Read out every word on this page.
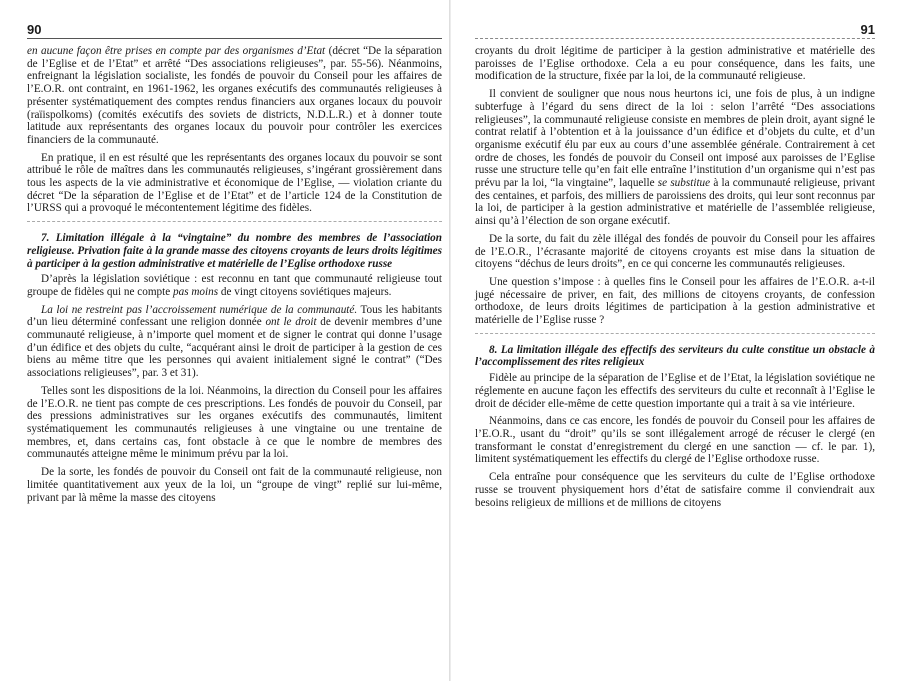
90

en aucune façon être prises en compte par des organismes d’Etat (décret “De la séparation de l’Eglise et de l’Etat” et arrêté “Des associations religieuses”, par. 55-56). Néanmoins, enfreignant la législation socialiste, les fondés de pouvoir du Conseil pour les affaires de l’E.O.R. ont contraint, en 1961-1962, les organes exécutifs des communautés religieuses à présenter systématiquement des comptes rendus financiers aux organes locaux du pouvoir (raïispolkoms) (comités exécutifs des soviets de districts, N.D.L.R.) et à donner toute latitude aux représentants des organes locaux du pouvoir pour contrôler les exercices financiers de la communauté.

En pratique, il en est résulté que les représentants des organes locaux du pouvoir se sont attribué le rôle de maîtres dans les communautés religieuses, s’ingérant grossièrement dans tous les aspects de la vie administrative et économique de l’Eglise, — violation criante du décret “De la séparation de l’Eglise et de l’Etat” et de l’article 124 de la Constitution de l’URSS qui a provoqué le mécontentement légitime des fidèles.

7. Limitation illégale à la “vingtaine” du nombre des membres de l’association religieuse. Privation faite à la grande masse des citoyens croyants de leurs droits légitimes à participer à la gestion administrative et matérielle de l’Eglise orthodoxe russe

D’après la législation soviétique : est reconnu en tant que communauté religieuse tout groupe de fidèles qui ne compte pas moins de vingt citoyens soviétiques majeurs.

La loi ne restreint pas l’accroissement numérique de la communauté. Tous les habitants d’un lieu déterminé confessant une religion donnée ont le droit de devenir membres d’une communauté religieuse, à n’importe quel moment et de signer le contrat qui donne l’usage d’un édifice et des objets du culte, “acquérant ainsi le droit de participer à la gestion de ces biens au même titre que les personnes qui avaient initialement signé le contrat” (“Des associations religieuses”, par. 3 et 31).

Telles sont les dispositions de la loi. Néanmoins, la direction du Conseil pour les affaires de l’E.O.R. ne tient pas compte de ces prescriptions. Les fondés de pouvoir du Conseil, par des pressions administratives sur les organes exécutifs des communautés, limitent systématiquement les communautés religieuses à une vingtaine ou une trentaine de membres, et, dans certains cas, font obstacle à ce que le nombre de membres des communautés atteigne même le minimum prévu par la loi.

De la sorte, les fondés de pouvoir du Conseil ont fait de la communauté religieuse, non limitée quantitativement aux yeux de la loi, un “groupe de vingt” replié sur lui-même, privant par là même la masse des citoyens

91

croyants du droit légitime de participer à la gestion administrative et matérielle des paroisses de l’Eglise orthodoxe. Cela a eu pour conséquence, dans les faits, une modification de la structure, fixée par la loi, de la communauté religieuse.

Il convient de souligner que nous nous heurtons ici, une fois de plus, à un indigne subterfuge à l’égard du sens direct de la loi : selon l’arrêté “Des associations religieuses”, la communauté religieuse consiste en membres de plein droit, ayant signé le contrat relatif à l’obtention et à la jouissance d’un édifice et d’objets du culte, et d’un organisme exécutif élu par eux au cours d’une assemblée générale. Contrairement à cet ordre de choses, les fondés de pouvoir du Conseil ont imposé aux paroisses de l’Eglise russe une structure telle qu’en fait elle entraîne l’institution d’un organisme qui n’est pas prévu par la loi, “la vingtaine”, laquelle se substitue à la communauté religieuse, privant des centaines, et parfois, des milliers de paroissiens des droits, qui leur sont reconnus par la loi, de participer à la gestion administrative et matérielle de l’assemblée religieuse, ainsi qu’à l’élection de son organe exécutif.

De la sorte, du fait du zèle illégal des fondés de pouvoir du Conseil pour les affaires de l’E.O.R., l’écrasante majorité de citoyens croyants est mise dans la situation de citoyens “déchus de leurs droits”, en ce qui concerne les communautés religieuses.

Une question s’impose : à quelles fins le Conseil pour les affaires de l’E.O.R. a-t-il jugé nécessaire de priver, en fait, des millions de citoyens croyants, de confession orthodoxe, de leurs droits légitimes de participation à la gestion administrative et matérielle de l’Eglise russe ?

8. La limitation illégale des effectifs des serviteurs du culte constitue un obstacle à l’accomplissement des rites religieux

Fidèle au principe de la séparation de l’Eglise et de l’Etat, la législation soviétique ne réglemente en aucune façon les effectifs des serviteurs du culte et reconnaît à l’Eglise le droit de décider elle-même de cette question importante qui a trait à sa vie intérieure.

Néanmoins, dans ce cas encore, les fondés de pouvoir du Conseil pour les affaires de l’E.O.R., usant du “droit” qu’ils se sont illégalement arrogé de récuser le clergé (en transformant le constat d’enregistrement du clergé en une sanction — cf. le par. 1), limitent systématiquement les effectifs du clergé de l’Eglise orthodoxe russe.

Cela entraîne pour conséquence que les serviteurs du culte de l’Eglise orthodoxe russe se trouvent physiquement hors d’état de satisfaire comme il conviendrait aux besoins religieux de millions et de millions de citoyens
